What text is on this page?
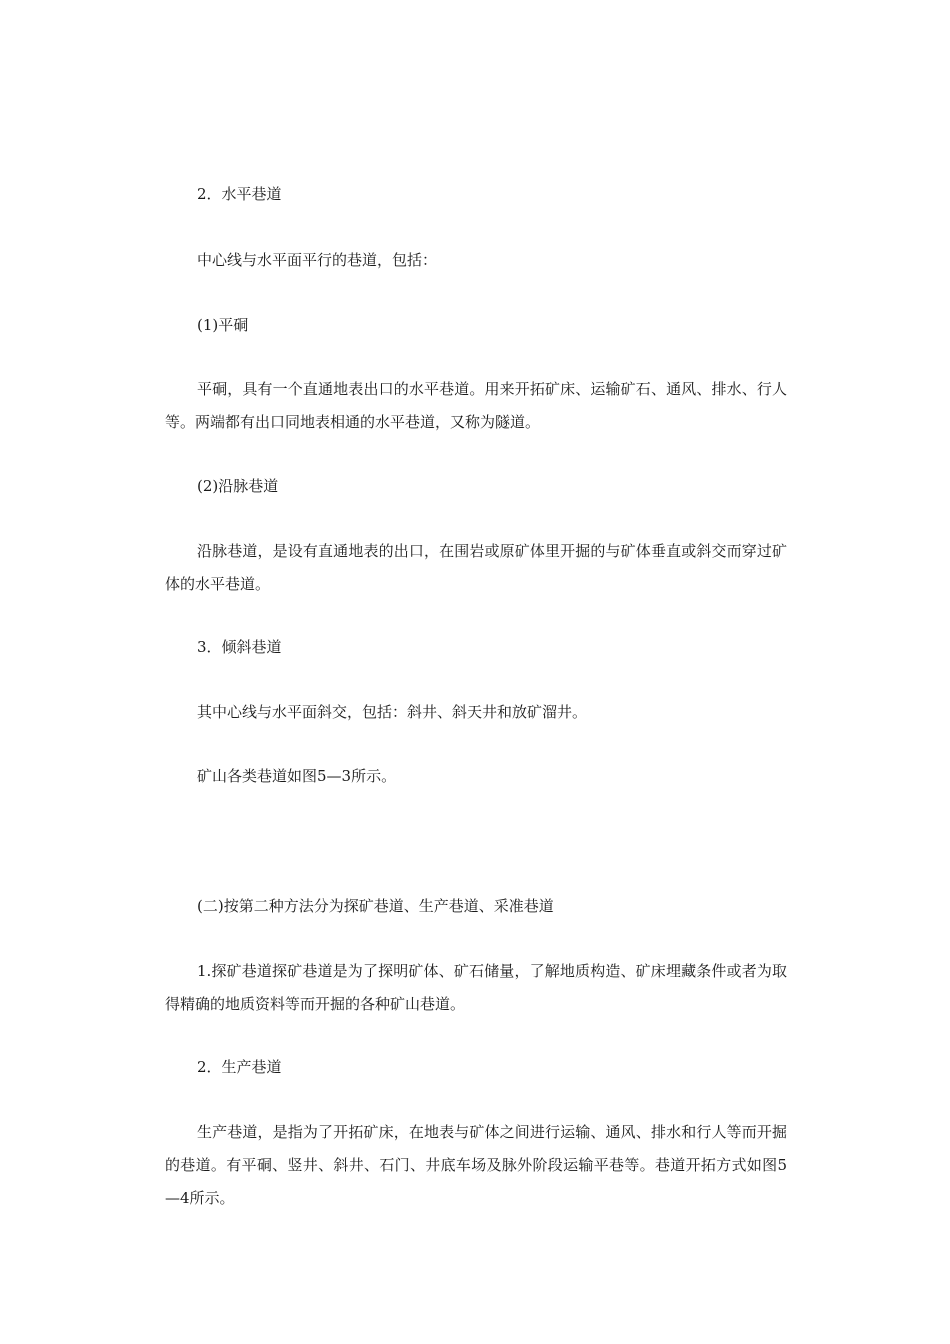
2．水平巷道

中心线与水平面平行的巷道，包括：

(1)平硐

平硐，具有一个直通地表出口的水平巷道。用来开拓矿床、运输矿石、通风、排水、行人等。两端都有出口同地表相通的水平巷道，又称为隧道。

(2)沿脉巷道

沿脉巷道，是设有直通地表的出口，在围岩或原矿体里开掘的与矿体垂直或斜交而穿过矿体的水平巷道。

3．倾斜巷道

其中心线与水平面斜交，包括：斜井、斜天井和放矿溜井。

矿山各类巷道如图5—3所示。

(二)按第二种方法分为探矿巷道、生产巷道、采准巷道

1.探矿巷道探矿巷道是为了探明矿体、矿石储量，了解地质构造、矿床埋藏条件或者为取得精确的地质资料等而开掘的各种矿山巷道。

2．生产巷道

生产巷道，是指为了开拓矿床，在地表与矿体之间进行运输、通风、排水和行人等而开掘的巷道。有平硐、竖井、斜井、石门、井底车场及脉外阶段运输平巷等。巷道开拓方式如图5—4所示。
